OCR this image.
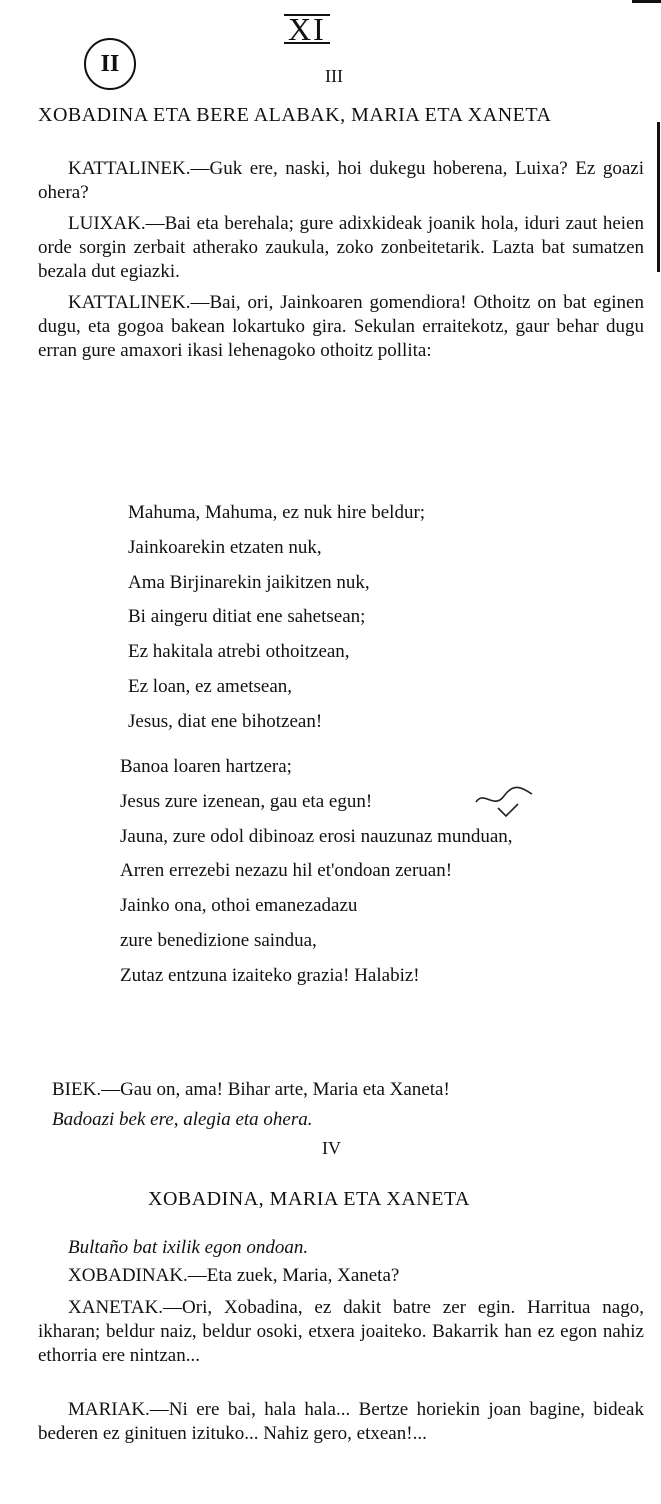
XI
II	III
XOBADINA ETA BERE ALABAK, MARIA ETA XANETA
KATTALINEK.—Guk ere, naski, hoi dukegu hoberena, Luixa? Ez goazi ohera?
LUIXAK.—Bai eta berehala; gure adixkideak joanik hola, iduri zaut heien orde sorgin zerbait atherako zaukula, zoko zonbeitetarik. Lazta bat sumatzen bezala dut egiazki.
KATTALINEK.—Bai, ori, Jainkoaren gomendiora! Othoitz on bat eginen dugu, eta gogoa bakean lokartuko gira. Sekulan erraitekotz, gaur behar dugu erran gure amaxori ikasi lehenagoko othoitz pollita:
Mahuma, Mahuma, ez nuk hire beldur;
Jainkoarekin etzaten nuk,
Ama Birjinarekin jaikitzen nuk,
Bi aingeru ditiat ene sahetsean;
Ez hakitala atrebi othoitzean,
Ez loan, ez ametsean,
Jesus, diat ene bihotzean!
Banoa loaren hartzera;
Jesus zure izenean, gau eta egun!
Jauna, zure odol dibinoaz erosi nauzunaz munduan,
Arren errezebi nezazu hil et'ondoan zeruan!
Jainko ona, othoi emanezadazu
zure benedizione saindua,
Zutaz entzuna izaiteko grazia! Halabiz!
BIEK.—Gau on, ama! Bihar arte, Maria eta Xaneta!
Badoazi bek ere, alegia eta ohera.
IV
XOBADINA, MARIA ETA XANETA
Bultaño bat ixilik egon ondoan.
XOBADINAK.—Eta zuek, Maria, Xaneta?
XANETAK.—Ori, Xobadina, ez dakit batre zer egin. Harritua nago, ikharan; beldur naiz, beldur osoki, etxera joaiteko. Bakarrik han ez egon nahiz ethorria ere nintzan...
MARIAK.—Ni ere bai, hala hala... Bertze horiekin joan bagine, bideak bederen ez ginituen izituko... Nahiz gero, etxean!...
